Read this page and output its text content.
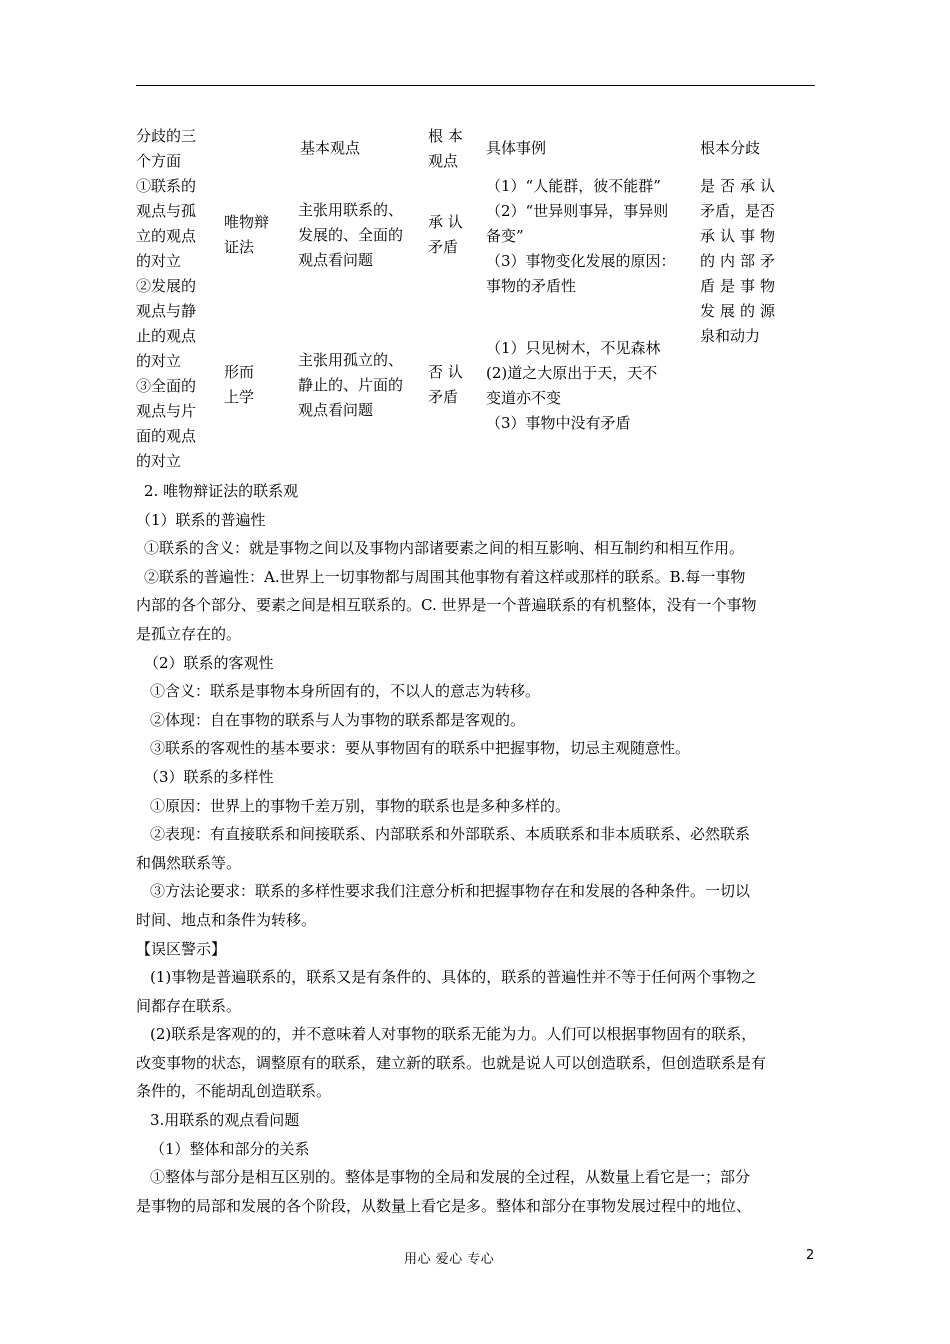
分歧的三
个方面
①联系的
观点与孤
立的观点
的对立
②发展的
观点与静
止的观点
的对立
③全面的
观点与片
面的观点
的对立
基本观点
根 本
观点
具体事例	根本分歧
唯物辩
证法
主张用联系的、
发展的、全面的
观点看问题
承 认
矛盾
（1）“人能群，彼不能群”
（2）“世异则事异，事异则
备变”
（3）事物变化发展的原因：
事物的矛盾性
形而
上学
主张用孤立的、
静止的、片面的
观点看问题
否 认
矛盾
（1）只见树木，不见森林
(2)道之大原出于天，天不
变道亦不变
（3）事物中没有矛盾
是否承认
矛盾，是否
承认事物
的内部矛
盾是事物
发展的源
泉和动力

2. 唯物辩证法的联系观

（1）联系的普遍性

①联系的含义：就是事物之间以及事物内部诸要素之间的相互影响、相互制约和相互作用。

②联系的普遍性：A.世界上一切事物都与周围其他事物有着这样或那样的联系。B.每一事物

内部的各个部分、要素之间是相互联系的。C. 世界是一个普遍联系的有机整体，没有一个事物

是孤立存在的。

（2）联系的客观性

①含义：联系是事物本身所固有的，不以人的意志为转移。

②体现：自在事物的联系与人为事物的联系都是客观的。

③联系的客观性的基本要求：要从事物固有的联系中把握事物，切忌主观随意性。

（3）联系的多样性

①原因：世界上的事物千差万别，事物的联系也是多种多样的。

②表现：有直接联系和间接联系、内部联系和外部联系、本质联系和非本质联系、必然联系

和偶然联系等。

③方法论要求：联系的多样性要求我们注意分析和把握事物存在和发展的各种条件。一切以

时间、地点和条件为转移。

【误区警示】

(1)事物是普遍联系的，联系又是有条件的、具体的，联系的普遍性并不等于任何两个事物之

间都存在联系。

(2)联系是客观的的，并不意味着人对事物的联系无能为力。人们可以根据事物固有的联系，

改变事物的状态，调整原有的联系，建立新的联系。也就是说人可以创造联系，但创造联系是有

条件的，不能胡乱创造联系。

3.用联系的观点看问题

（1）整体和部分的关系

①整体与部分是相互区别的。整体是事物的全局和发展的全过程，从数量上看它是一；部分

是事物的局部和发展的各个阶段，从数量上看它是多。整体和部分在事物发展过程中的地位、

用心 爱心 专心	2
